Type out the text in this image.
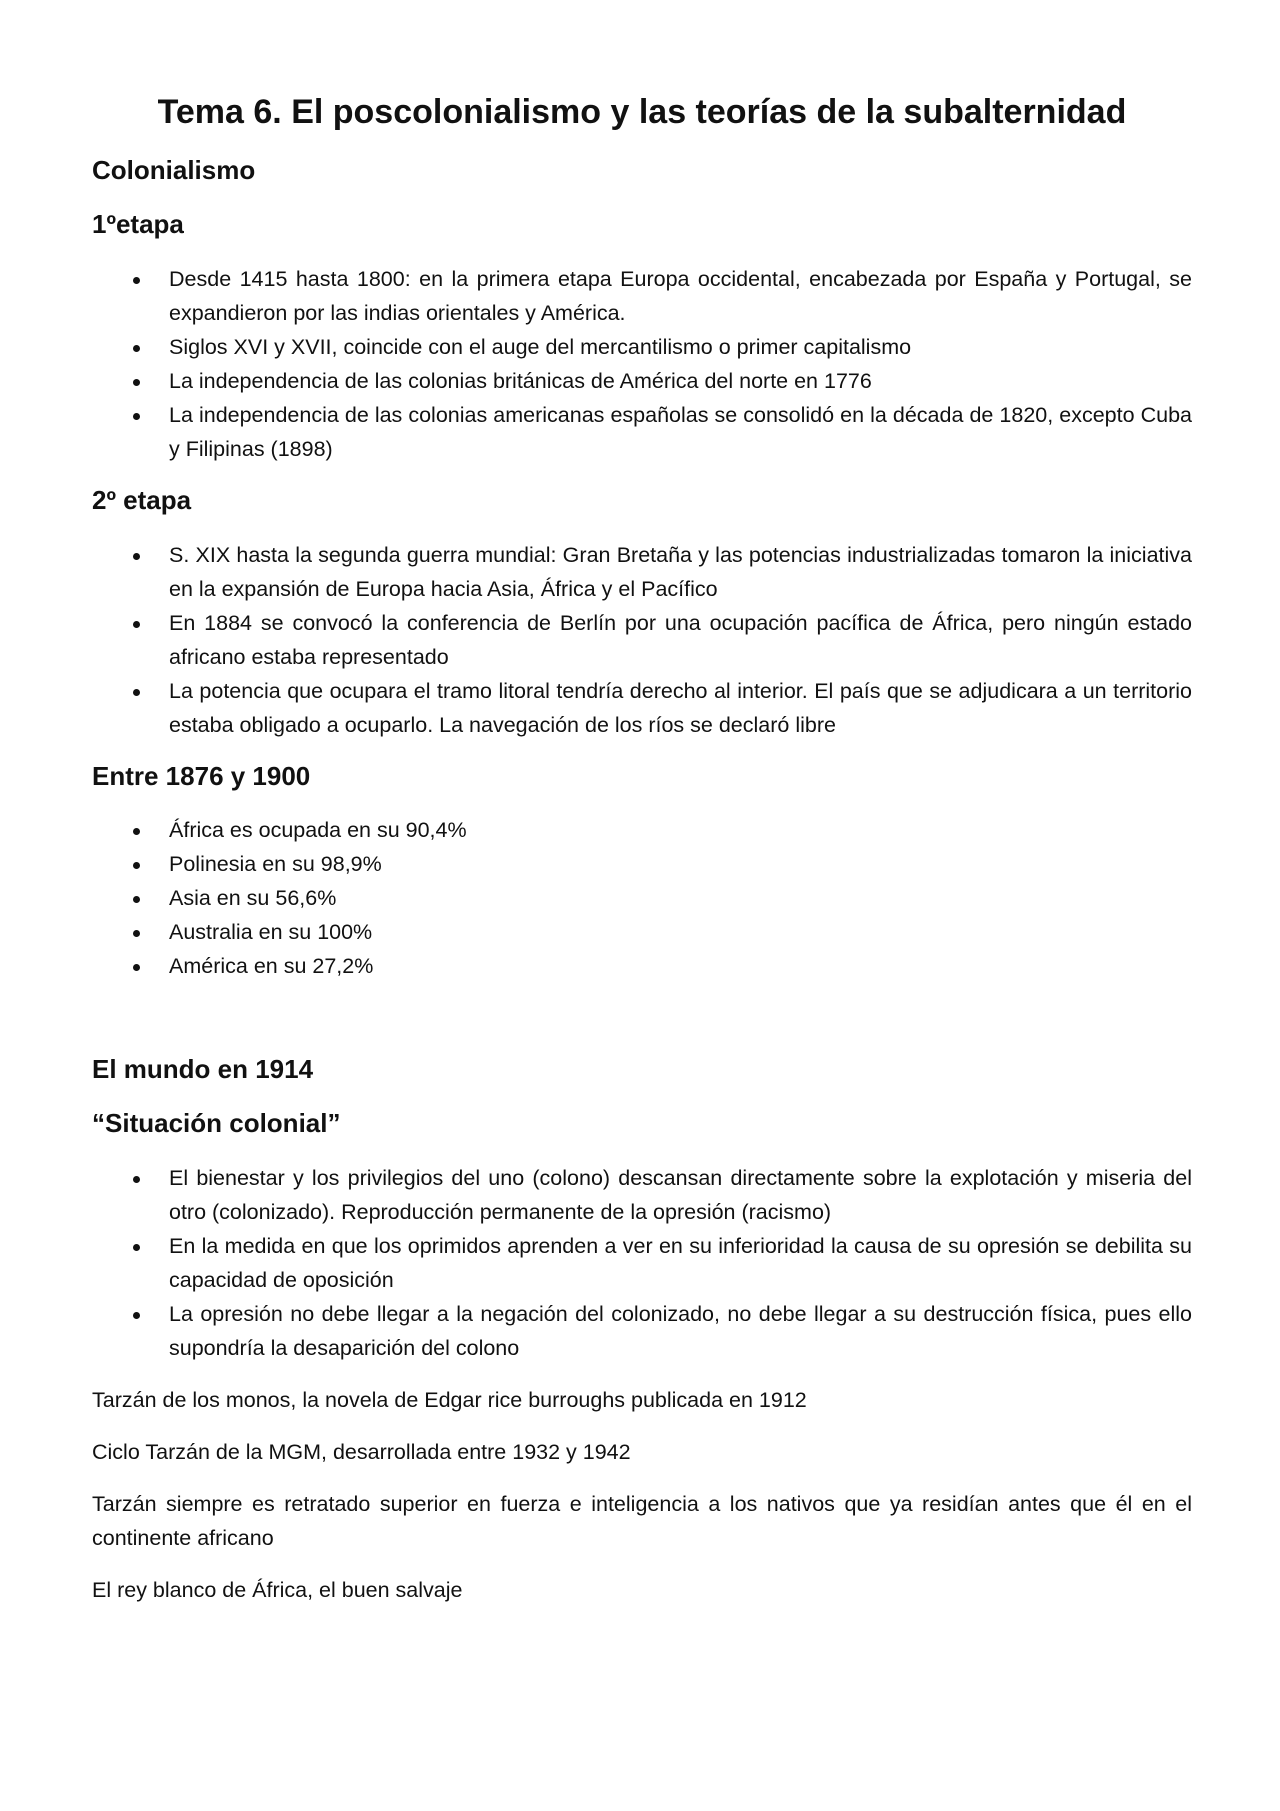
Tema 6. El poscolonialismo y las teorías de la subalternidad
Colonialismo
1ºetapa
Desde 1415 hasta 1800: en la primera etapa Europa occidental, encabezada por España y Portugal, se expandieron por las indias orientales y América.
Siglos XVI y XVII, coincide con el auge del mercantilismo o primer capitalismo
La independencia de las colonias británicas de América del norte en 1776
La independencia de las colonias americanas españolas se consolidó en la década de 1820, excepto Cuba y Filipinas (1898)
2º etapa
S. XIX hasta la segunda guerra mundial: Gran Bretaña y las potencias industrializadas tomaron la iniciativa en la expansión de Europa hacia Asia, África y el Pacífico
En 1884 se convocó la conferencia de Berlín por una ocupación pacífica de África, pero ningún estado africano estaba representado
La potencia que ocupara el tramo litoral tendría derecho al interior. El país que se adjudicara a un territorio estaba obligado a ocuparlo. La navegación de los ríos se declaró libre
Entre 1876 y 1900
África es ocupada en su 90,4%
Polinesia en su 98,9%
Asia en su 56,6%
Australia en su 100%
América en su 27,2%
El mundo en 1914
“Situación colonial”
El bienestar y los privilegios del uno (colono) descansan directamente sobre la explotación y miseria del otro (colonizado). Reproducción permanente de la opresión (racismo)
En la medida en que los oprimidos aprenden a ver en su inferioridad la causa de su opresión se debilita su capacidad de oposición
La opresión no debe llegar a la negación del colonizado, no debe llegar a su destrucción física, pues ello supondría la desaparición del colono

Tarzán de los monos, la novela de Edgar rice burroughs publicada en 1912

Ciclo Tarzán de la MGM, desarrollada entre 1932 y 1942

Tarzán siempre es retratado superior en fuerza e inteligencia a los nativos que ya residían antes que él en el continente africano

El rey blanco de África, el buen salvaje
